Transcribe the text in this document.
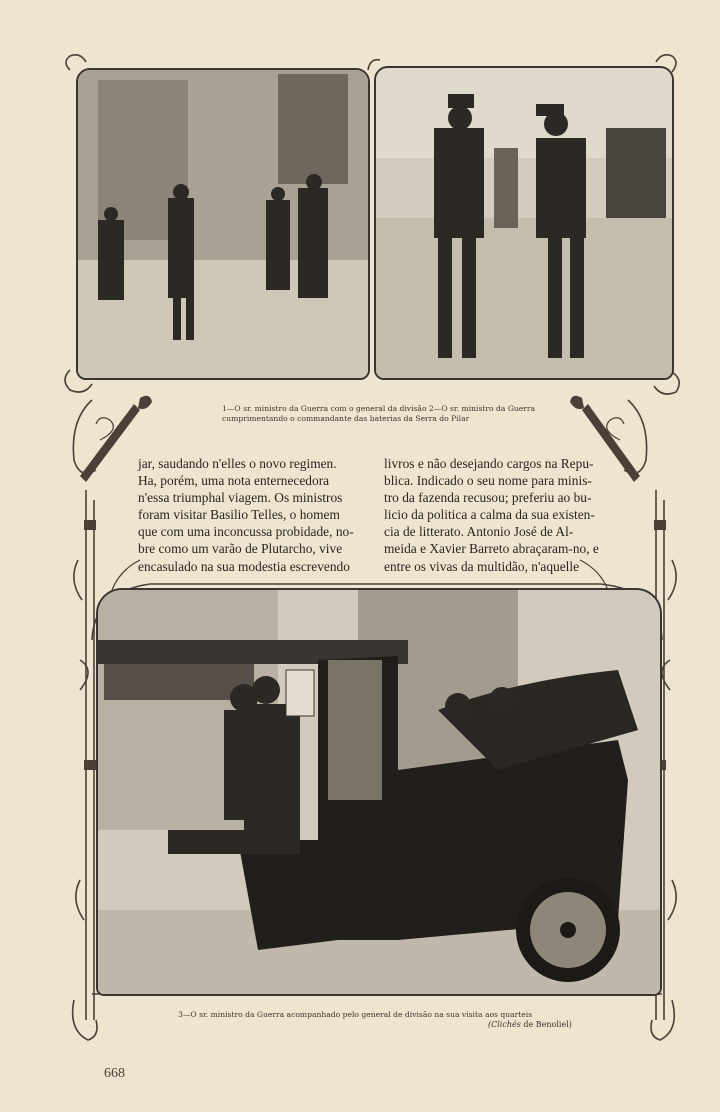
1—O sr. ministro da Guerra com o general da divisão 2—O sr. ministro da Guerra cumprimentando o commandante das baterias da Serra do Pilar

jar, saudando n'elles o novo regimen.
Ha, porém, uma nota enternecedora
n'essa triumphal viagem. Os ministros
foram visitar Basilio Telles, o homem
que com uma inconcussa probidade, no-
bre como um varão de Plutarcho, vive
encasulado na sua modestia escrevendo

livros e não desejando cargos na Repu-
blica. Indicado o seu nome para minis-
tro da fazenda recusou; preferiu ao bu-
licio da politica a calma da sua existen-
cia de litterato. Antonio José de Al-
meida e Xavier Barreto abraçaram-no, e
entre os vivas da multidão, n'aquelle

3—O sr. ministro da Guerra acompanhado pelo general de divisão na sua visita aos quarteis
(Clichés de Benoliel)
668
